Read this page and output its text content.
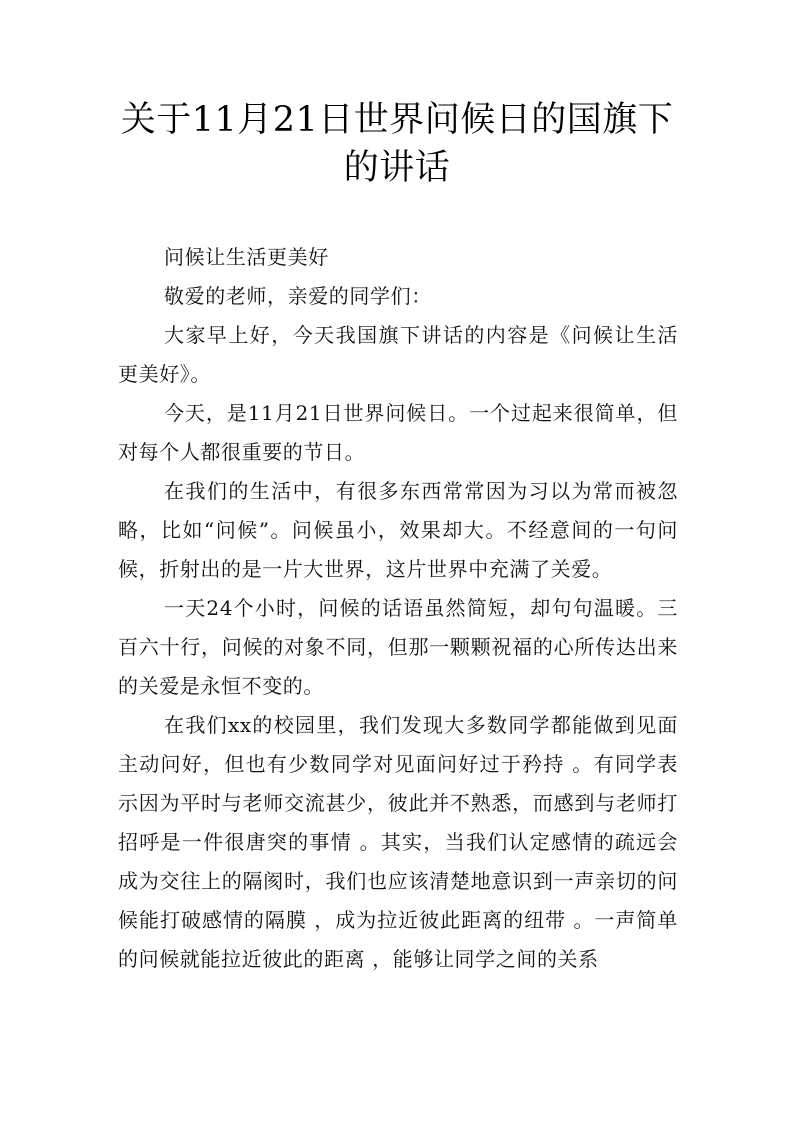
关于11月21日世界问候日的国旗下的讲话

问候让生活更美好

敬爱的老师，亲爱的同学们：

大家早上好，今天我国旗下讲话的内容是《问候让生活更美好》。

今天，是11月21日世界问候日。一个过起来很简单，但对每个人都很重要的节日。

在我们的生活中，有很多东西常常因为习以为常而被忽略，比如“问候”。问候虽小，效果却大。不经意间的一句问候，折射出的是一片大世界，这片世界中充满了关爱。

一天24个小时，问候的话语虽然简短，却句句温暖。三百六十行，问候的对象不同，但那一颗颗祝福的心所传达出来的关爱是永恒不变的。

在我们xx的校园里，我们发现大多数同学都能做到见面主动问好，但也有少数同学对见面问好过于矜持 。有同学表示因为平时与老师交流甚少，彼此并不熟悉，而感到与老师打招呼是一件很唐突的事情 。其实，当我们认定感情的疏远会成为交往上的隔阂时，我们也应该清楚地意识到一声亲切的问候能打破感情的隔膜 ，成为拉近彼此距离的纽带 。一声简单的问候就能拉近彼此的距离 ，能够让同学之间的关系
